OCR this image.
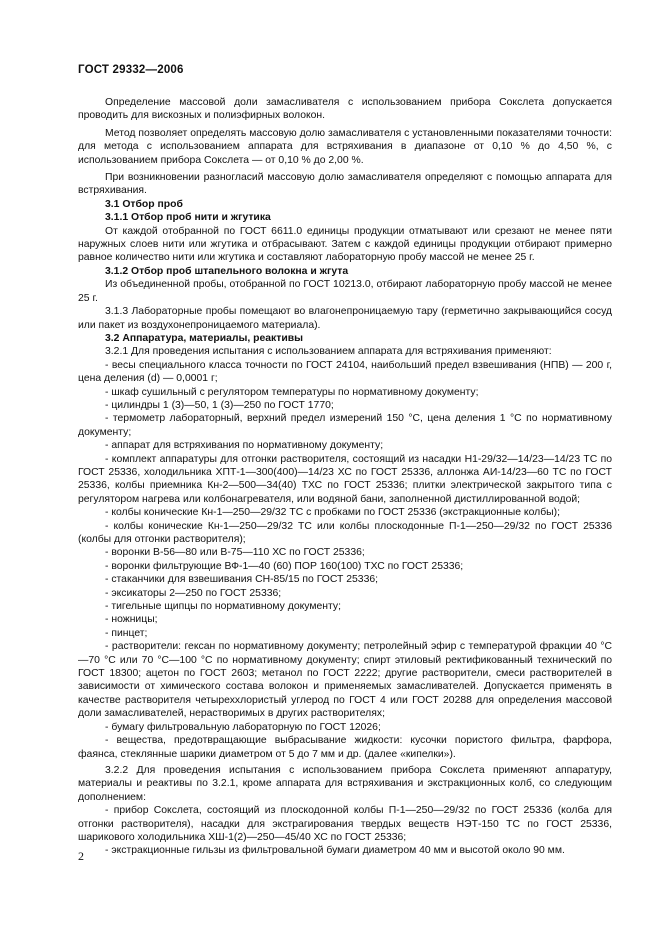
ГОСТ 29332—2006

Определение массовой доли замасливателя с использованием прибора Сокслета допускается проводить для вискозных и полиэфирных волокон.

Метод позволяет определять массовую долю замасливателя с установленными показателями точности: для метода с использованием аппарата для встряхивания в диапазоне от 0,10 % до 4,50 %, с использованием прибора Сокслета — от 0,10 % до 2,00 %.

При возникновении разногласий массовую долю замасливателя определяют с помощью аппарата для встряхивания.

3.1 Отбор проб

3.1.1 Отбор проб нити и жгутика

От каждой отобранной по ГОСТ 6611.0 единицы продукции отматывают или срезают не менее пяти наружных слоев нити или жгутика и отбрасывают. Затем с каждой единицы продукции отбирают примерно равное количество нити или жгутика и составляют лабораторную пробу массой не менее 25 г.

3.1.2 Отбор проб штапельного волокна и жгута

Из объединенной пробы, отобранной по ГОСТ 10213.0, отбирают лабораторную пробу массой не менее 25 г.

3.1.3 Лабораторные пробы помещают во влагонепроницаемую тару (герметично закрывающийся сосуд или пакет из воздухонепроницаемого материала).

3.2 Аппаратура, материалы, реактивы

3.2.1 Для проведения испытания с использованием аппарата для встряхивания применяют:

- весы специального класса точности по ГОСТ 24104, наибольший предел взвешивания (НПВ) — 200 г, цена деления (d) — 0,0001 г;

- шкаф сушильный с регулятором температуры по нормативному документу;

- цилиндры 1 (3)—50, 1 (3)—250 по ГОСТ 1770;

- термометр лабораторный, верхний предел измерений 150 °С, цена деления 1 °С по нормативному документу;

- аппарат для встряхивания по нормативному документу;

- комплект аппаратуры для отгонки растворителя, состоящий из насадки Н1-29/32—14/23—14/23 ТС по ГОСТ 25336, холодильника ХПТ-1—300(400)—14/23 ХС по ГОСТ 25336, аллонжа АИ-14/23—60 ТС по ГОСТ 25336, колбы приемника Кн-2—500—34(40) ТХС по ГОСТ 25336; плитки электрической закрытого типа с регулятором нагрева или колбонагревателя, или водяной бани, заполненной дистиллированной водой;

- колбы конические Кн-1—250—29/32 ТС с пробками по ГОСТ 25336 (экстракционные колбы);

- колбы конические Кн-1—250—29/32 ТС или колбы плоскодонные П-1—250—29/32 по ГОСТ 25336 (колбы для отгонки растворителя);

- воронки В-56—80 или В-75—110 ХС по ГОСТ 25336;

- воронки фильтрующие ВФ-1—40 (60) ПОР 160(100) ТХС по ГОСТ 25336;

- стаканчики для взвешивания СН-85/15 по ГОСТ 25336;

- эксикаторы 2—250 по ГОСТ 25336;

- тигельные щипцы по нормативному документу;

- ножницы;

- пинцет;

- растворители: гексан по нормативному документу; петролейный эфир с температурой фракции 40 °С—70 °С или 70 °С—100 °С по нормативному документу; спирт этиловый ректификованный технический по ГОСТ 18300; ацетон по ГОСТ 2603; метанол по ГОСТ 2222; другие растворители, смеси растворителей в зависимости от химического состава волокон и применяемых замасливателей. Допускается применять в качестве растворителя четыреххлористый углерод по ГОСТ 4 или ГОСТ 20288 для определения массовой доли замасливателей, нерастворимых в других растворителях;

- бумагу фильтровальную лабораторную по ГОСТ 12026;

- вещества, предотвращающие выбрасывание жидкости: кусочки пористого фильтра, фарфора, фаянса, стеклянные шарики диаметром от 5 до 7 мм и др. (далее «кипелки»).

3.2.2 Для проведения испытания с использованием прибора Сокслета применяют аппаратуру, материалы и реактивы по 3.2.1, кроме аппарата для встряхивания и экстракционных колб, со следующим дополнением:

- прибор Сокслета, состоящий из плоскодонной колбы П-1—250—29/32 по ГОСТ 25336 (колба для отгонки растворителя), насадки для экстрагирования твердых веществ НЭТ-150 ТС по ГОСТ 25336, шарикового холодильника ХШ-1(2)—250—45/40 ХС по ГОСТ 25336;

- экстракционные гильзы из фильтровальной бумаги диаметром 40 мм и высотой около 90 мм.

2
